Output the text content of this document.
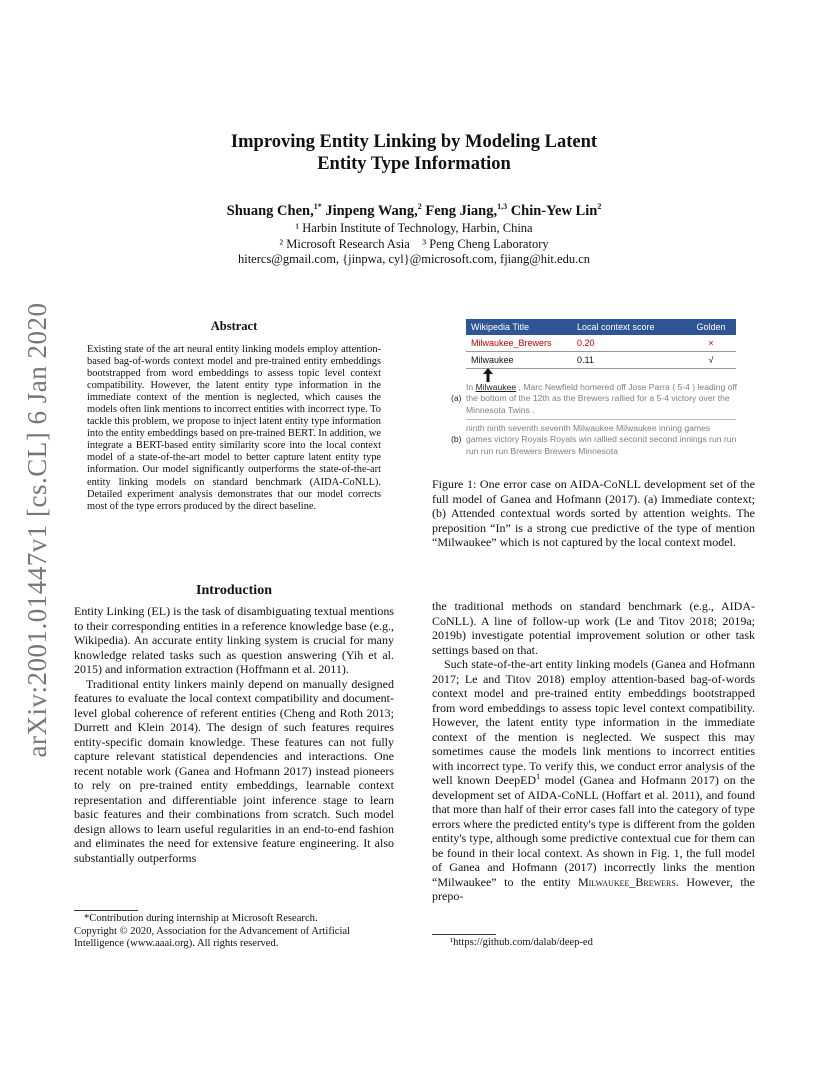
arXiv:2001.01447v1 [cs.CL] 6 Jan 2020
Improving Entity Linking by Modeling Latent
Entity Type Information
Shuang Chen,$^{1*}$ Jinpeng Wang,$^2$ Feng Jiang,$^{1,3}$ Chin-Yew Lin$^2$
¹ Harbin Institute of Technology, Harbin, China
² Microsoft Research Asia    ³ Peng Cheng Laboratory
hitercs@gmail.com, {jinpwa, cyl}@microsoft.com, fjiang@hit.edu.cn
Abstract
Existing state of the art neural entity linking models employ attention-based bag-of-words context model and pre-trained entity embeddings bootstrapped from word embeddings to assess topic level context compatibility. However, the latent entity type information in the immediate context of the mention is neglected, which causes the models often link mentions to incorrect entities with incorrect type. To tackle this problem, we propose to inject latent entity type information into the entity embeddings based on pre-trained BERT. In addition, we integrate a BERT-based entity similarity score into the local context model of a state-of-the-art model to better capture latent entity type information. Our model significantly outperforms the state-of-the-art entity linking models on standard benchmark (AIDA-CoNLL). Detailed experiment analysis demonstrates that our model corrects most of the type errors produced by the direct baseline.
Introduction

Entity Linking (EL) is the task of disambiguating textual mentions to their corresponding entities in a reference knowledge base (e.g., Wikipedia). An accurate entity linking system is crucial for many knowledge related tasks such as question answering (Yih et al. 2015) and information extraction (Hoffmann et al. 2011).

Traditional entity linkers mainly depend on manually designed features to evaluate the local context compatibility and document-level global coherence of referent entities (Cheng and Roth 2013; Durrett and Klein 2014). The design of such features requires entity-specific domain knowledge. These features can not fully capture relevant statistical dependencies and interactions. One recent notable work (Ganea and Hofmann 2017) instead pioneers to rely on pre-trained entity embeddings, learnable context representation and differentiable joint inference stage to learn basic features and their combinations from scratch. Such model design allows to learn useful regularities in an end-to-end fashion and eliminates the need for extensive feature engineering. It also substantially outperforms

Wikipedia Title	Local context score	Golden
Milwaukee_Brewers	0.20	×
Milwaukee	0.11	√
(a)
In Milwaukee , Marc Newfield homered off Jose Parra ( 5-4 ) leading off the bottom of the 12th as the Brewers rallied for a 5-4 victory over the Minnesota Twins .
(b)
ninth ninth seventh seventh Milwaukee Milwaukee inning games games victory Royals Royals win rallied second second innings run run run run run Brewers Brewers Minnesota
Figure 1: One error case on AIDA-CoNLL development set of the full model of Ganea and Hofmann (2017). (a) Immediate context; (b) Attended contextual words sorted by attention weights. The preposition “In” is a strong cue predictive of the type of mention “Milwaukee” which is not captured by the local context model.

the traditional methods on standard benchmark (e.g., AIDA-CoNLL). A line of follow-up work (Le and Titov 2018; 2019a; 2019b) investigate potential improvement solution or other task settings based on that.

Such state-of-the-art entity linking models (Ganea and Hofmann 2017; Le and Titov 2018) employ attention-based bag-of-words context model and pre-trained entity embeddings bootstrapped from word embeddings to assess topic level context compatibility. However, the latent entity type information in the immediate context of the mention is neglected. We suspect this may sometimes cause the models link mentions to incorrect entities with incorrect type. To verify this, we conduct error analysis of the well known DeepED$^1$ model (Ganea and Hofmann 2017) on the development set of AIDA-CoNLL (Hoffart et al. 2011), and found that more than half of their error cases fall into the category of type errors where the predicted entity's type is different from the golden entity's type, although some predictive contextual cue for them can be found in their local context. As shown in Fig. 1, the full model of Ganea and Hofmann (2017) incorrectly links the mention “Milwaukee” to the entity Milwaukee_Brewers. However, the prepo-

*Contribution during internship at Microsoft Research.
Copyright © 2020, Association for the Advancement of Artificial Intelligence (www.aaai.org). All rights reserved.	¹https://github.com/dalab/deep-ed
